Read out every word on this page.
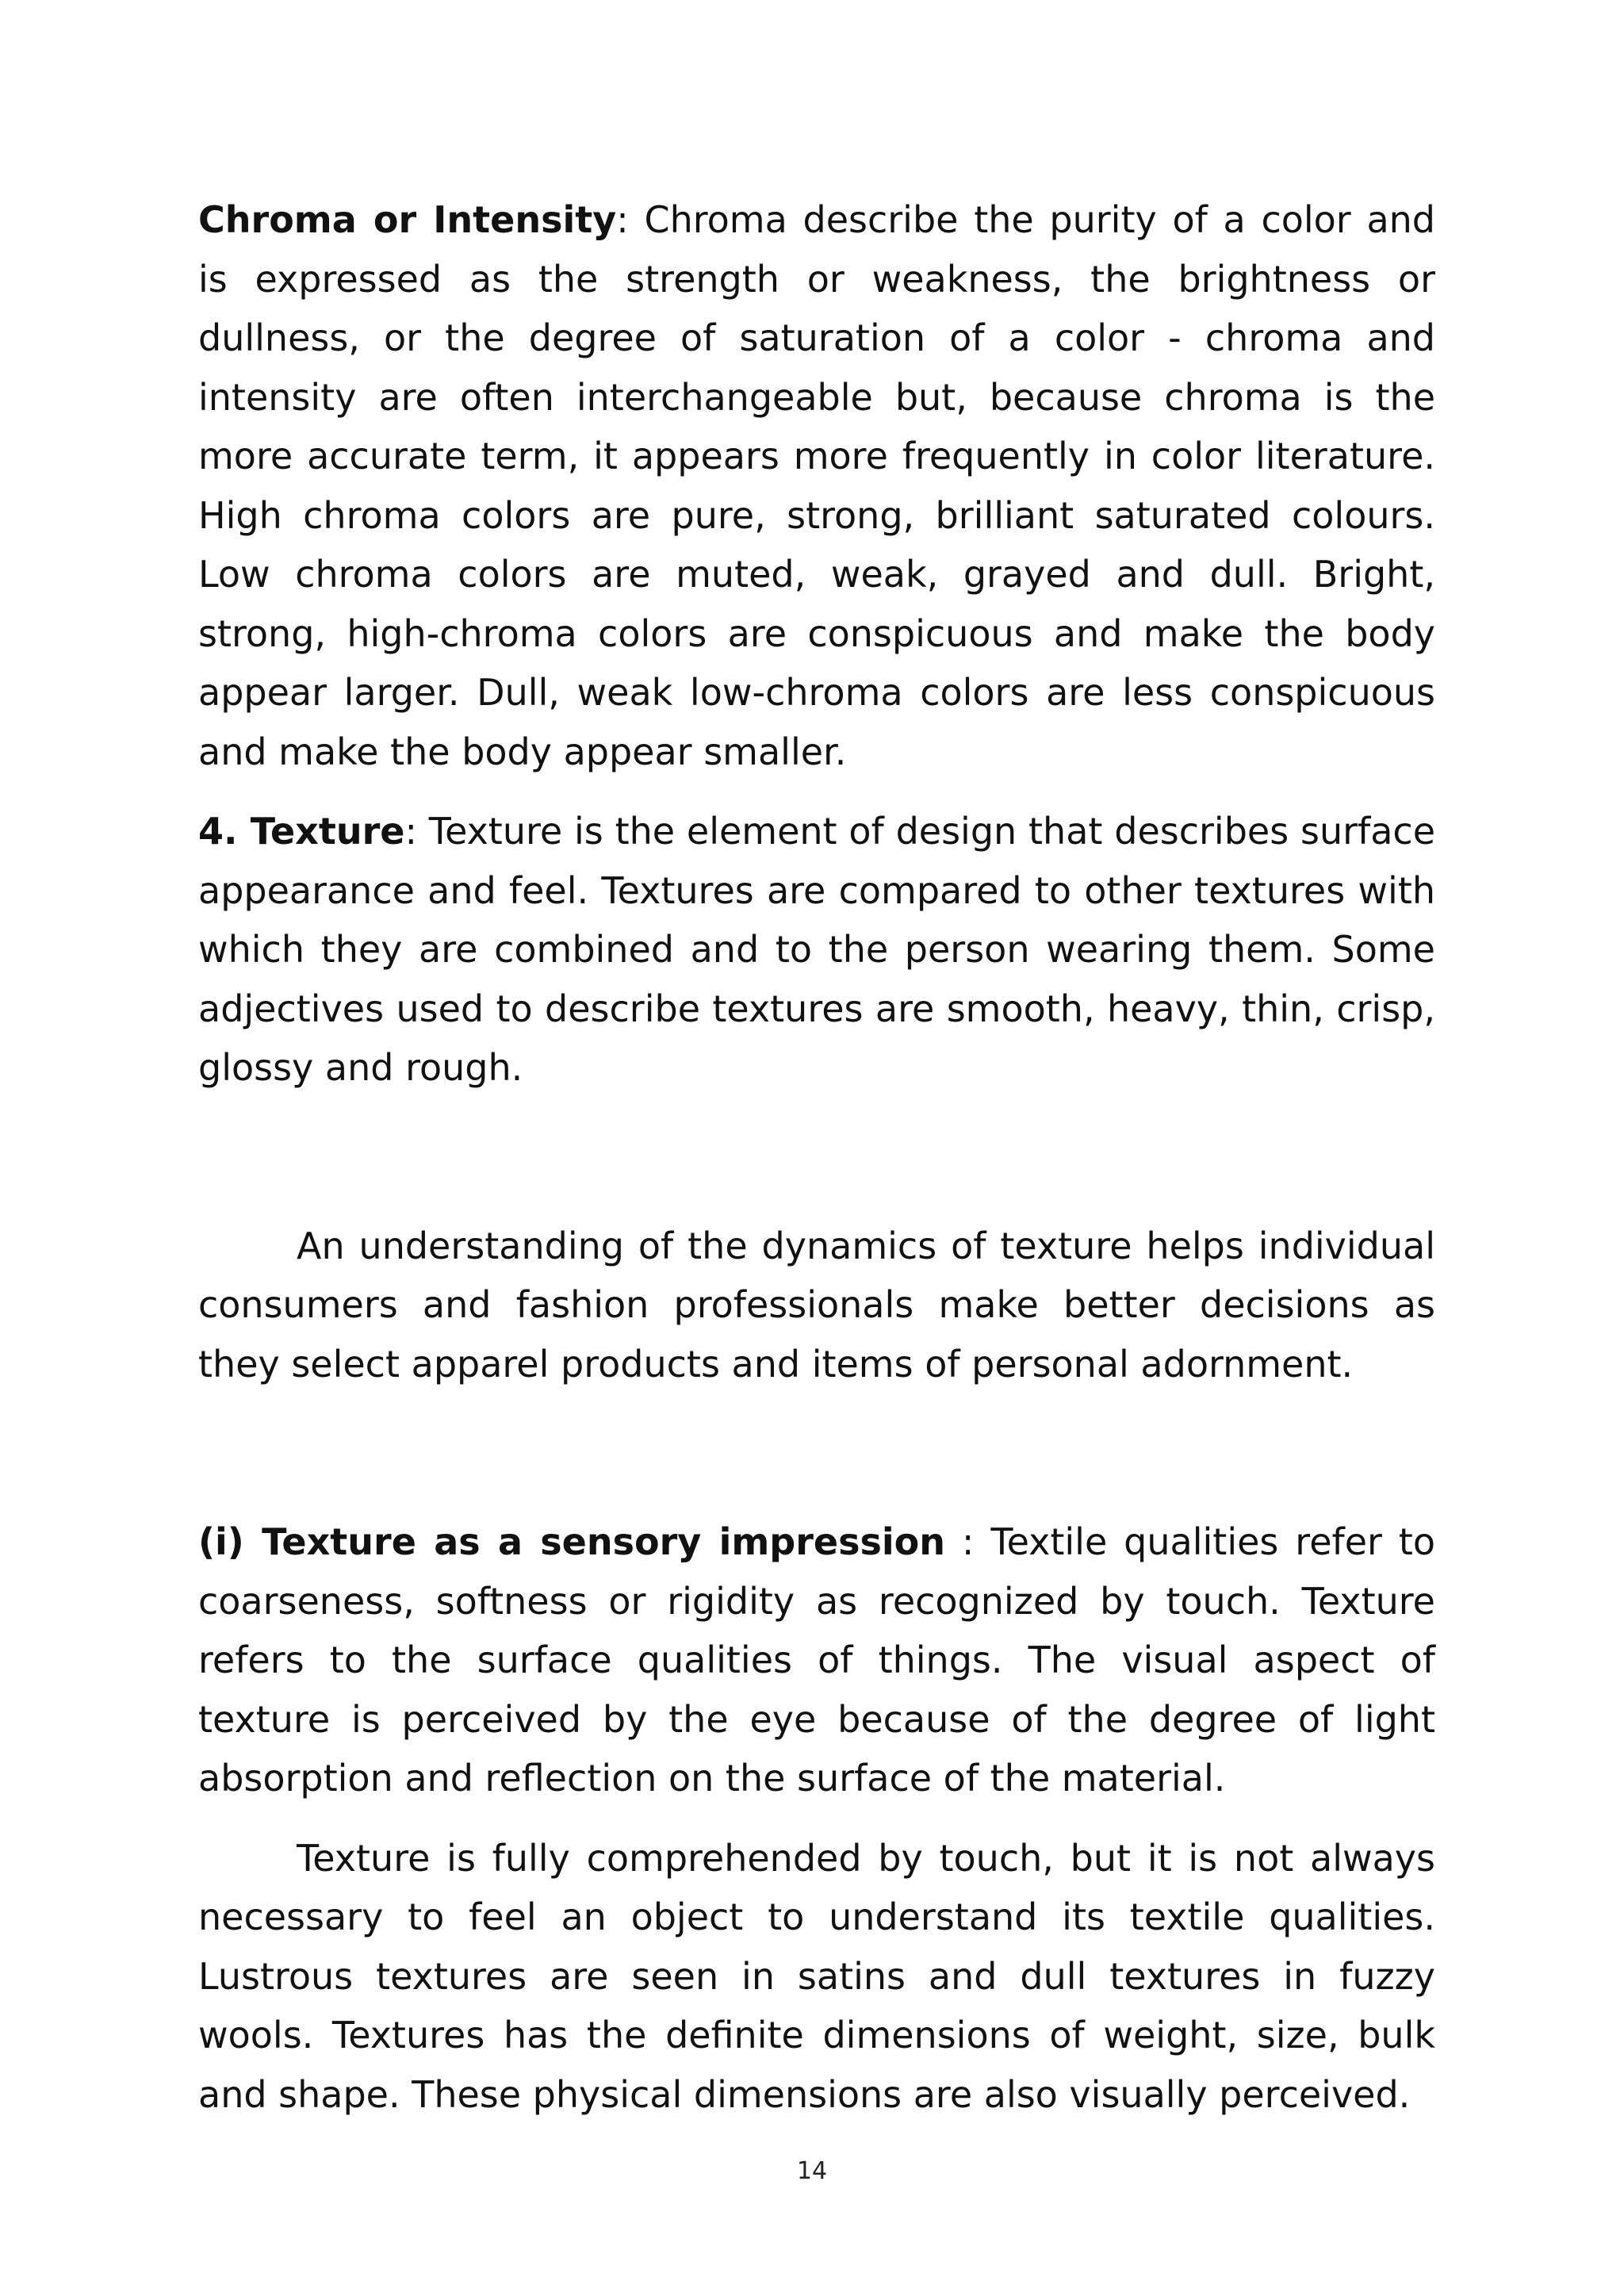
Chroma or Intensity: Chroma describe the purity of a color and is expressed as the strength or weakness, the brightness or dullness, or the degree of saturation of a color - chroma and intensity are often interchangeable but, because chroma is the more accurate term, it appears more frequently in color literature. High chroma colors are pure, strong, brilliant saturated colours. Low chroma colors are muted, weak, grayed and dull. Bright, strong, high-chroma colors are conspicuous and make the body appear larger. Dull, weak low-chroma colors are less conspicuous and make the body appear smaller.

4. Texture: Texture is the element of design that describes surface appearance and feel. Textures are compared to other textures with which they are combined and to the person wearing them. Some adjectives used to describe textures are smooth, heavy, thin, crisp, glossy and rough.

An understanding of the dynamics of texture helps individual consumers and fashion professionals make better decisions as they select apparel products and items of personal adornment.

(i) Texture as a sensory impression : Textile qualities refer to coarseness, softness or rigidity as recognized by touch. Texture refers to the surface qualities of things. The visual aspect of texture is perceived by the eye because of the degree of light absorption and reflection on the surface of the material.

Texture is fully comprehended by touch, but it is not always necessary to feel an object to understand its textile qualities. Lustrous textures are seen in satins and dull textures in fuzzy wools. Textures has the definite dimensions of weight, size, bulk and shape. These physical dimensions are also visually perceived.

14
